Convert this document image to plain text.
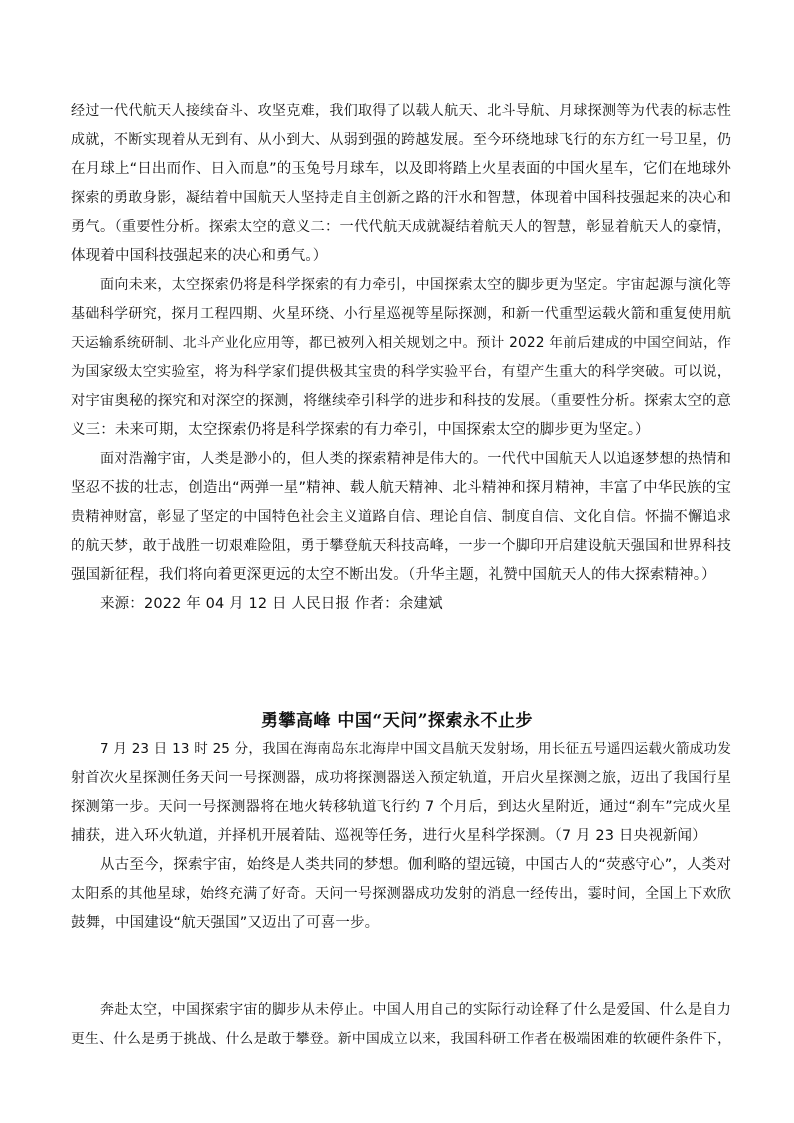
经过一代代航天人接续奋斗、攻坚克难，我们取得了以载人航天、北斗导航、月球探测等为代表的标志性
成就，不断实现着从无到有、从小到大、从弱到强的跨越发展。至今环绕地球飞行的东方红一号卫星，仍
在月球上“日出而作、日入而息”的玉兔号月球车，以及即将踏上火星表面的中国火星车，它们在地球外
探索的勇敢身影，凝结着中国航天人坚持走自主创新之路的汗水和智慧，体现着中国科技强起来的决心和
勇气。（重要性分析。探索太空的意义二：一代代航天成就凝结着航天人的智慧，彰显着航天人的豪情，
体现着中国科技强起来的决心和勇气。）
面向未来，太空探索仍将是科学探索的有力牵引，中国探索太空的脚步更为坚定。宇宙起源与演化等
基础科学研究，探月工程四期、火星环绕、小行星巡视等星际探测，和新一代重型运载火箭和重复使用航
天运输系统研制、北斗产业化应用等，都已被列入相关规划之中。预计 2022 年前后建成的中国空间站，作
为国家级太空实验室，将为科学家们提供极其宝贵的科学实验平台，有望产生重大的科学突破。可以说，
对宇宙奥秘的探究和对深空的探测，将继续牵引科学的进步和科技的发展。（重要性分析。探索太空的意
义三：未来可期，太空探索仍将是科学探索的有力牵引，中国探索太空的脚步更为坚定。）
面对浩瀚宇宙，人类是渺小的，但人类的探索精神是伟大的。一代代中国航天人以追逐梦想的热情和
坚忍不拔的壮志，创造出“两弹一星”精神、载人航天精神、北斗精神和探月精神，丰富了中华民族的宝
贵精神财富，彰显了坚定的中国特色社会主义道路自信、理论自信、制度自信、文化自信。怀揣不懈追求
的航天梦，敢于战胜一切艰难险阻，勇于攀登航天科技高峰，一步一个脚印开启建设航天强国和世界科技
强国新征程，我们将向着更深更远的太空不断出发。（升华主题，礼赞中国航天人的伟大探索精神。）
来源：2022 年 04 月 12 日 人民日报 作者：余建斌
勇攀高峰 中国“天问”探索永不止步
7 月 23 日 13 时 25 分，我国在海南岛东北海岸中国文昌航天发射场，用长征五号遥四运载火箭成功发
射首次火星探测任务天问一号探测器，成功将探测器送入预定轨道，开启火星探测之旅，迈出了我国行星
探测第一步。天问一号探测器将在地火转移轨道飞行约 7 个月后，到达火星附近，通过“刹车”完成火星
捕获，进入环火轨道，并择机开展着陆、巡视等任务，进行火星科学探测。（7 月 23 日央视新闻）
从古至今，探索宇宙，始终是人类共同的梦想。伽利略的望远镜，中国古人的“荧惑守心”，人类对
太阳系的其他星球，始终充满了好奇。天问一号探测器成功发射的消息一经传出，霎时间，全国上下欢欣
鼓舞，中国建设“航天强国”又迈出了可喜一步。
奔赴太空，中国探索宇宙的脚步从未停止。中国人用自己的实际行动诠释了什么是爱国、什么是自力
更生、什么是勇于挑战、什么是敢于攀登。新中国成立以来，我国科研工作者在极端困难的软硬件条件下，
